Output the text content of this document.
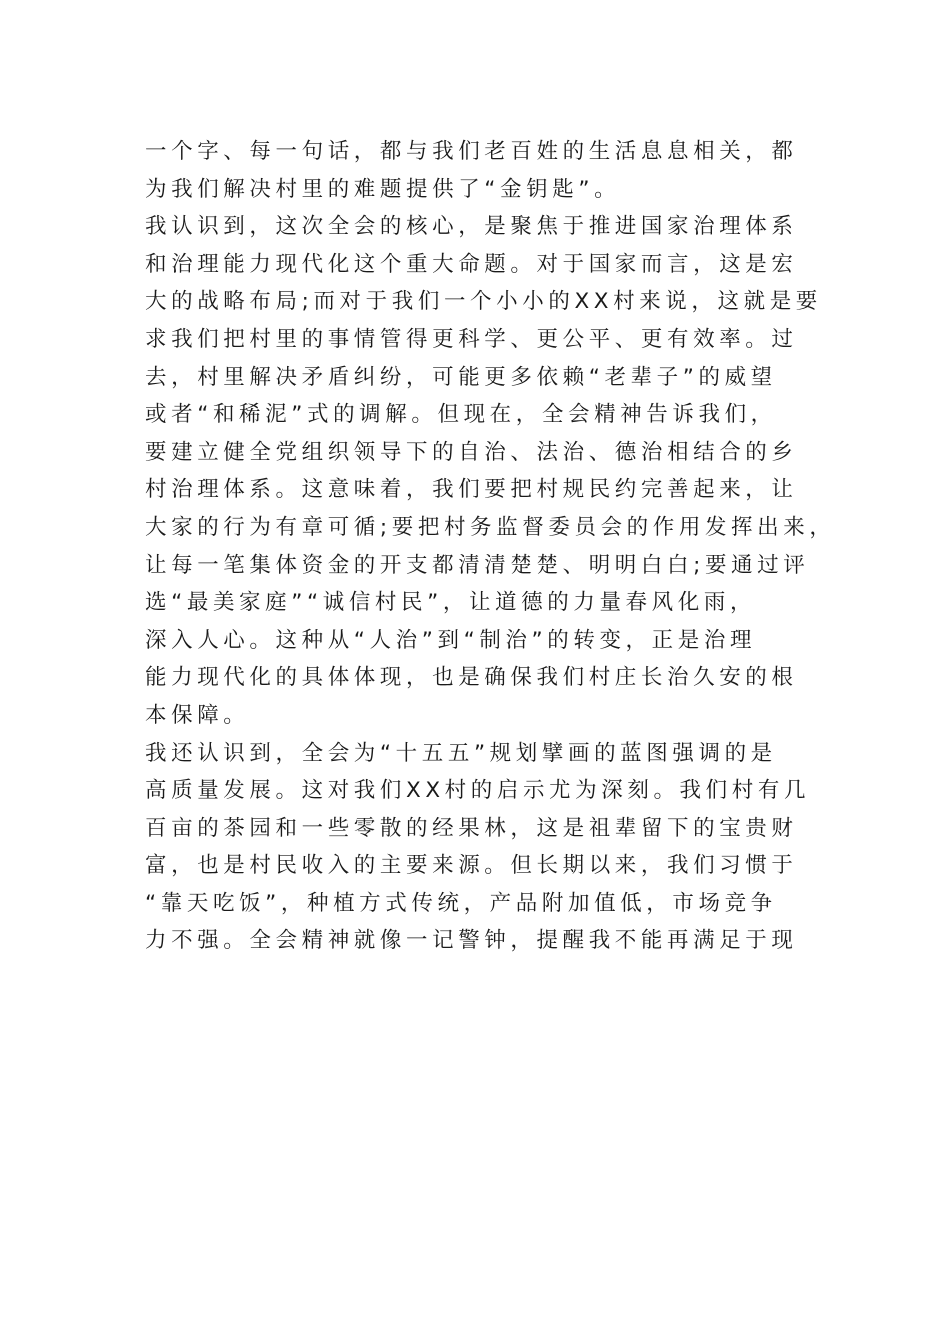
一个字、每一句话，都与我们老百姓的生活息息相关，都
为我们解决村里的难题提供了“金钥匙”。
我认识到，这次全会的核心，是聚焦于推进国家治理体系
和治理能力现代化这个重大命题。对于国家而言，这是宏
大的战略布局;而对于我们一个小小的XX村来说，这就是要
求我们把村里的事情管得更科学、更公平、更有效率。过
去，村里解决矛盾纠纷，可能更多依赖“老辈子”的威望
或者“和稀泥”式的调解。但现在，全会精神告诉我们，
要建立健全党组织领导下的自治、法治、德治相结合的乡
村治理体系。这意味着，我们要把村规民约完善起来，让
大家的行为有章可循;要把村务监督委员会的作用发挥出来，
让每一笔集体资金的开支都清清楚楚、明明白白;要通过评
选“最美家庭”“诚信村民”，让道德的力量春风化雨，
深入人心。这种从“人治”到“制治”的转变，正是治理
能力现代化的具体体现，也是确保我们村庄长治久安的根
本保障。
我还认识到，全会为“十五五”规划擘画的蓝图强调的是
高质量发展。这对我们XX村的启示尤为深刻。我们村有几
百亩的茶园和一些零散的经果林，这是祖辈留下的宝贵财
富，也是村民收入的主要来源。但长期以来，我们习惯于
“靠天吃饭”，种植方式传统，产品附加值低，市场竞争
力不强。全会精神就像一记警钟，提醒我不能再满足于现
